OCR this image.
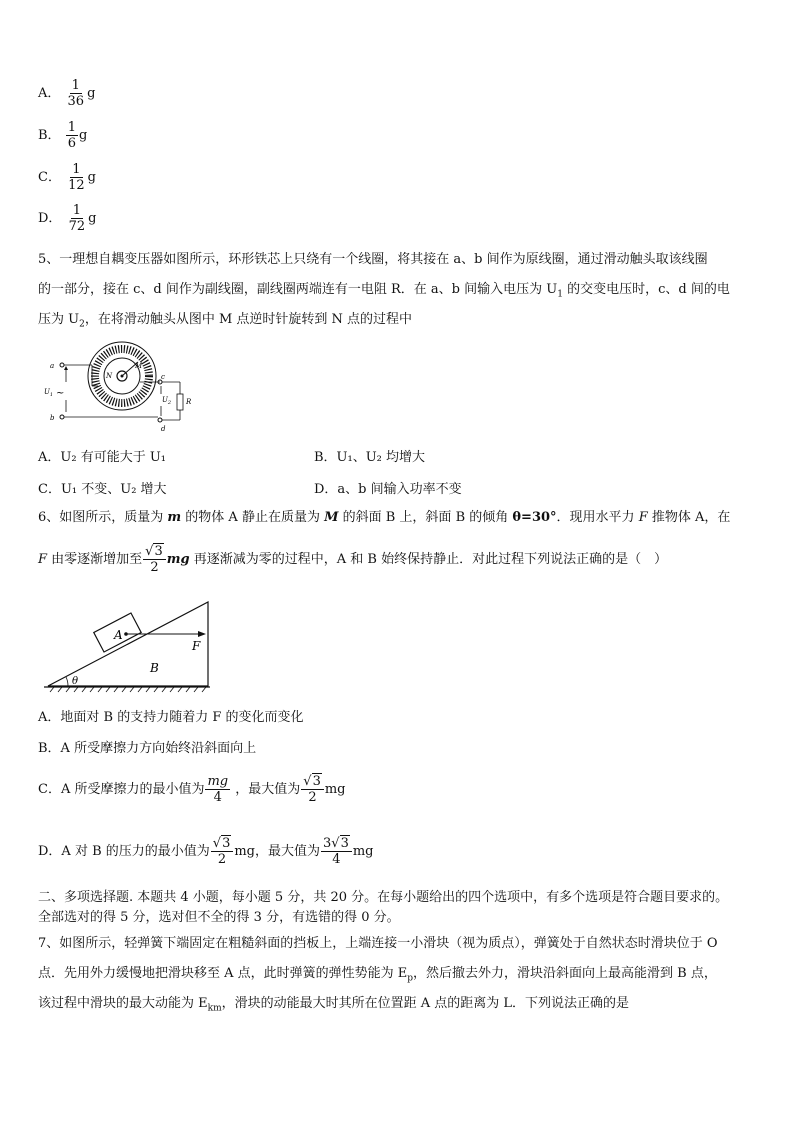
A． $\frac{1}{36}$ g
B． $\frac{1}{6}$ g
C． $\frac{1}{12}$ g
D． $\frac{1}{72}$ g
5、一理想自耦变压器如图所示，环形铁芯上只绕有一个线圈，将其接在 a、b 间作为原线圈，通过滑动触头取该线圈
的一部分，接在 c、d 间作为副线圈，副线圈两端连有一电阻 R．在 a、b 间输入电压为 $U_1$ 的交变电压时，c、d 间的电
压为 $U_2$，在将滑动触头从图中 M 点逆时针旋转到 N 点的过程中
a
b
$U_1$ ~
M
N	c
d
$U_2$ R
A．U₂ 有可能大于 U₁	B．U₁、U₂ 均增大
C．U₁ 不变、U₂ 增大	D．a、b 间输入功率不变
6、如图所示，质量为 m 的物体 A 静止在质量为 M 的斜面 B 上，斜面 B 的倾角 θ=30°．现用水平力 F 推物体 A，在
F 由零逐渐增加至 $\frac{√3}{2}$ mg 再逐渐减为零的过程中，A 和 B 始终保持静止．对此过程下列说法正确的是（　）
A
F
B
θ
A．地面对 B 的支持力随着力 F 的变化而变化
B．A 所受摩擦力方向始终沿斜面向上
C．A 所受摩擦力的最小值为 $\frac{mg}{4}$ ，最大值为 $\frac{√3}{2}$ mg
D．A 对 B 的压力的最小值为 $\frac{√3}{2}$ mg，最大值为 $\frac{3√3}{4}$ mg
二、多项选择题. 本题共 4 小题，每小题 5 分，共 20 分。在每小题给出的四个选项中，有多个选项是符合题目要求的。
全部选对的得 5 分，选对但不全的得 3 分，有选错的得 0 分。
7、如图所示，轻弹簧下端固定在粗糙斜面的挡板上，上端连接一小滑块（视为质点），弹簧处于自然状态时滑块位于 O
点．先用外力缓慢地把滑块移至 A 点，此时弹簧的弹性势能为 $E_p$，然后撤去外力，滑块沿斜面向上最高能滑到 B 点，
该过程中滑块的最大动能为 $E_{km}$，滑块的动能最大时其所在位置距 A 点的距离为 L．下列说法正确的是
